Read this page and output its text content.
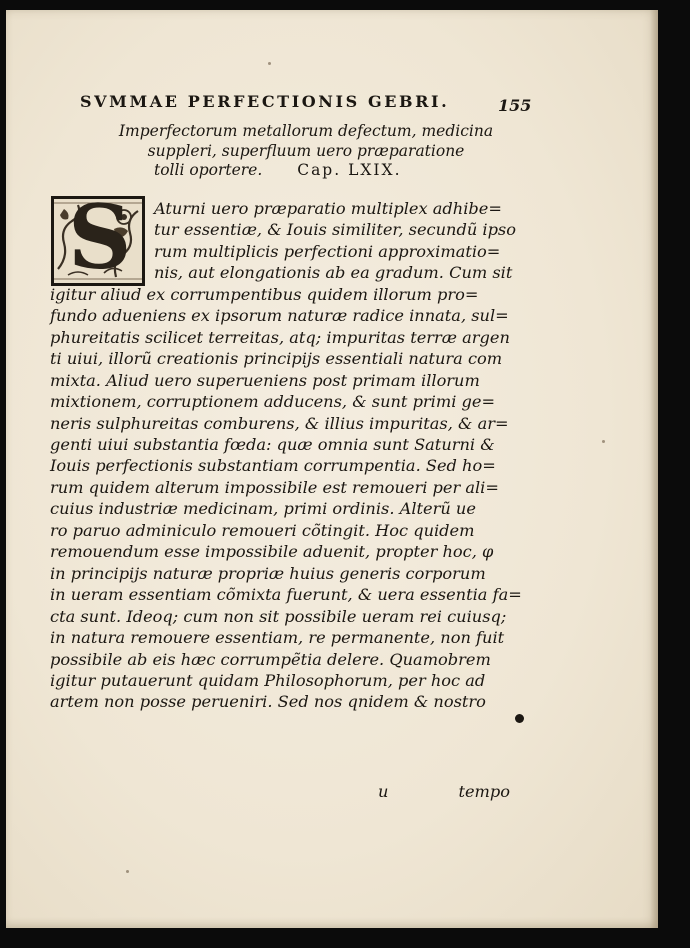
SVMMAE PERFECTIONIS GEBRI.	155
Imperfectorum metallorum defectum, medicina
suppleri, superfluum uero præparatione
tolli oportere. Cap. LXIX.
S	Aturni uero præparatio multiplex adhibe=
tur essentiæ, & Iouis similiter, secundũ ipso
rum multiplicis perfectioni approximatio=
nis, aut elongationis ab ea gradum. Cum sit
igitur aliud ex corrumpentibus quidem illorum pro=
fundo adueniens ex ipsorum naturæ radice innata, sul=
phureitatis scilicet terreitas, atq; impuritas terræ argen
ti uiui, illorũ creationis principijs essentiali natura com
mixta. Aliud uero superueniens post primam illorum
mixtionem, corruptionem adducens, & sunt primi ge=
neris sulphureitas comburens, & illius impuritas, & ar=
genti uiui substantia fœda: quæ omnia sunt Saturni &
Iouis perfectionis substantiam corrumpentia. Sed ho=
rum quidem alterum impossibile est remoueri per ali=
cuius industriæ medicinam, primi ordinis. Alterũ ue
ro paruo adminiculo remoueri cõtingit. Hoc quidem
remouendum esse impossibile aduenit, propter hoc, φ
in principijs naturæ propriæ huius generis corporum
in ueram essentiam cõmixta fuerunt, & uera essentia fa=
cta sunt. Ideoq; cum non sit possibile ueram rei cuiusq;
in natura remouere essentiam, re permanente, non fuit
possibile ab eis hæc corrumpẽtia delere. Quamobrem
igitur putauerunt quidam Philosophorum, per hoc ad
artem non posse perueniri. Sed nos qnidem & nostro
u	tempo
